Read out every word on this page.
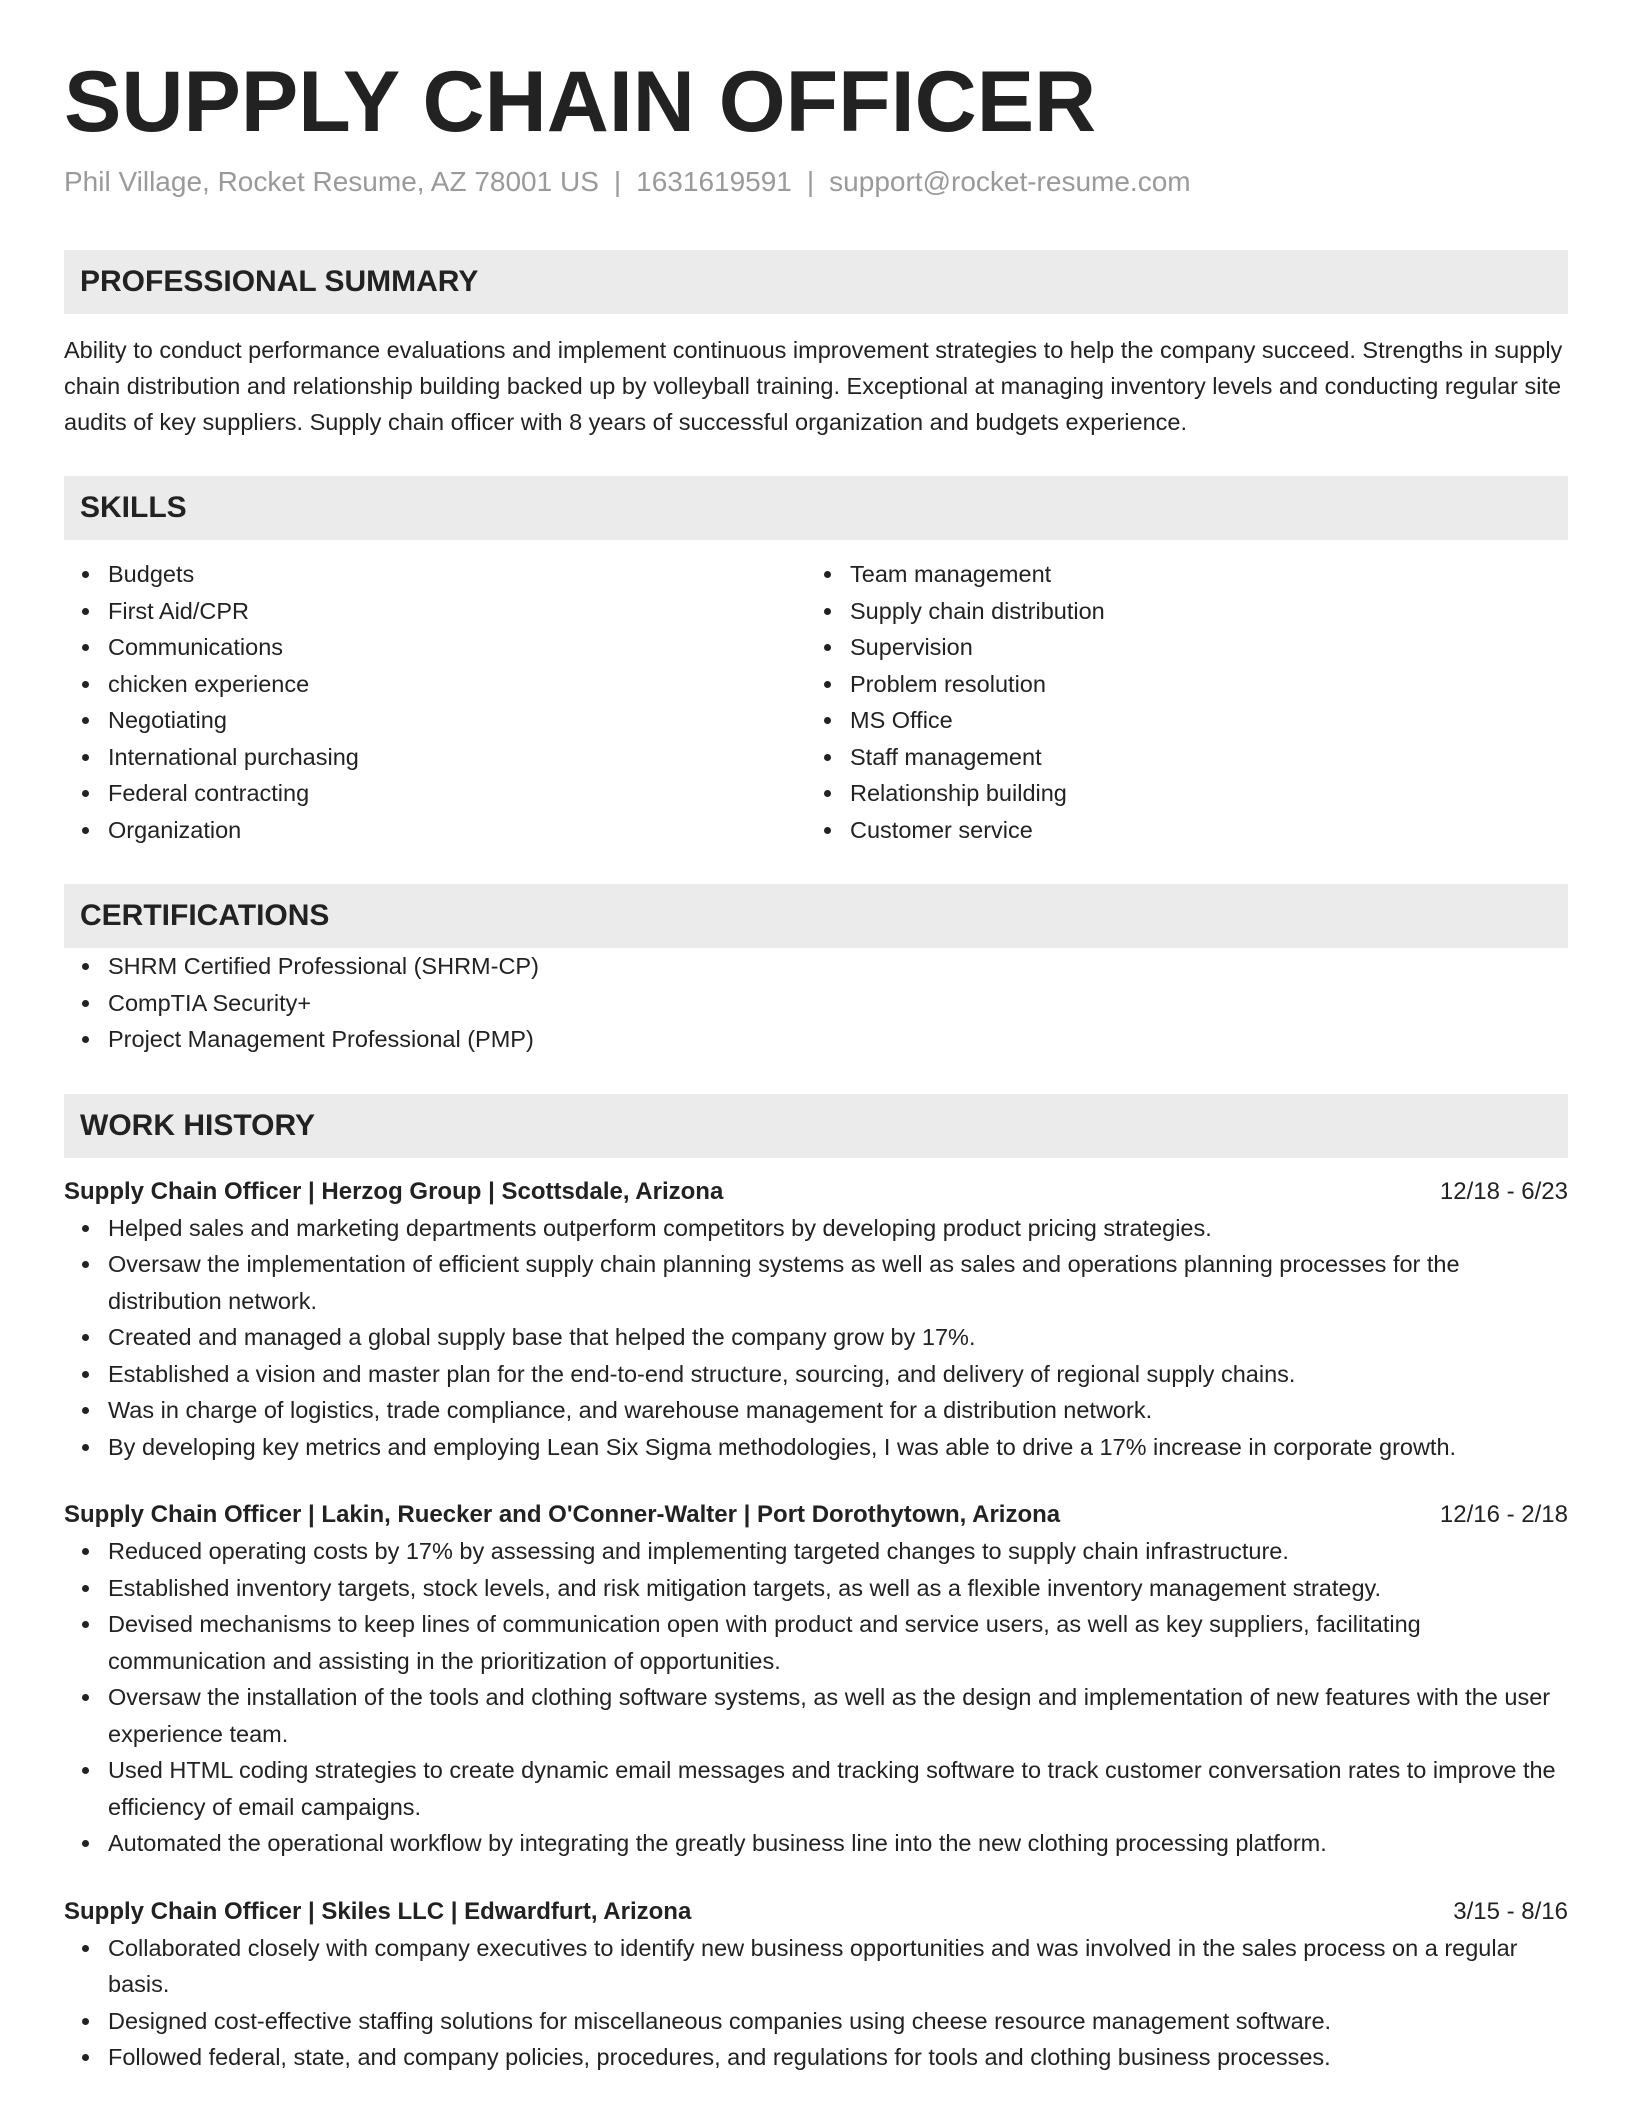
SUPPLY CHAIN OFFICER
Phil Village, Rocket Resume, AZ 78001 US | 1631619591 | support@rocket-resume.com
PROFESSIONAL SUMMARY
Ability to conduct performance evaluations and implement continuous improvement strategies to help the company succeed. Strengths in supply chain distribution and relationship building backed up by volleyball training. Exceptional at managing inventory levels and conducting regular site audits of key suppliers. Supply chain officer with 8 years of successful organization and budgets experience.
SKILLS
Budgets
First Aid/CPR
Communications
chicken experience
Negotiating
International purchasing
Federal contracting
Organization
Team management
Supply chain distribution
Supervision
Problem resolution
MS Office
Staff management
Relationship building
Customer service
CERTIFICATIONS
SHRM Certified Professional (SHRM-CP)
CompTIA Security+
Project Management Professional (PMP)
WORK HISTORY
Supply Chain Officer | Herzog Group | Scottsdale, Arizona	12/18 - 6/23
Helped sales and marketing departments outperform competitors by developing product pricing strategies.
Oversaw the implementation of efficient supply chain planning systems as well as sales and operations planning processes for the distribution network.
Created and managed a global supply base that helped the company grow by 17%.
Established a vision and master plan for the end-to-end structure, sourcing, and delivery of regional supply chains.
Was in charge of logistics, trade compliance, and warehouse management for a distribution network.
By developing key metrics and employing Lean Six Sigma methodologies, I was able to drive a 17% increase in corporate growth.
Supply Chain Officer | Lakin, Ruecker and O'Conner-Walter | Port Dorothytown, Arizona	12/16 - 2/18
Reduced operating costs by 17% by assessing and implementing targeted changes to supply chain infrastructure.
Established inventory targets, stock levels, and risk mitigation targets, as well as a flexible inventory management strategy.
Devised mechanisms to keep lines of communication open with product and service users, as well as key suppliers, facilitating communication and assisting in the prioritization of opportunities.
Oversaw the installation of the tools and clothing software systems, as well as the design and implementation of new features with the user experience team.
Used HTML coding strategies to create dynamic email messages and tracking software to track customer conversation rates to improve the efficiency of email campaigns.
Automated the operational workflow by integrating the greatly business line into the new clothing processing platform.
Supply Chain Officer | Skiles LLC | Edwardfurt, Arizona	3/15 - 8/16
Collaborated closely with company executives to identify new business opportunities and was involved in the sales process on a regular basis.
Designed cost-effective staffing solutions for miscellaneous companies using cheese resource management software.
Followed federal, state, and company policies, procedures, and regulations for tools and clothing business processes.
